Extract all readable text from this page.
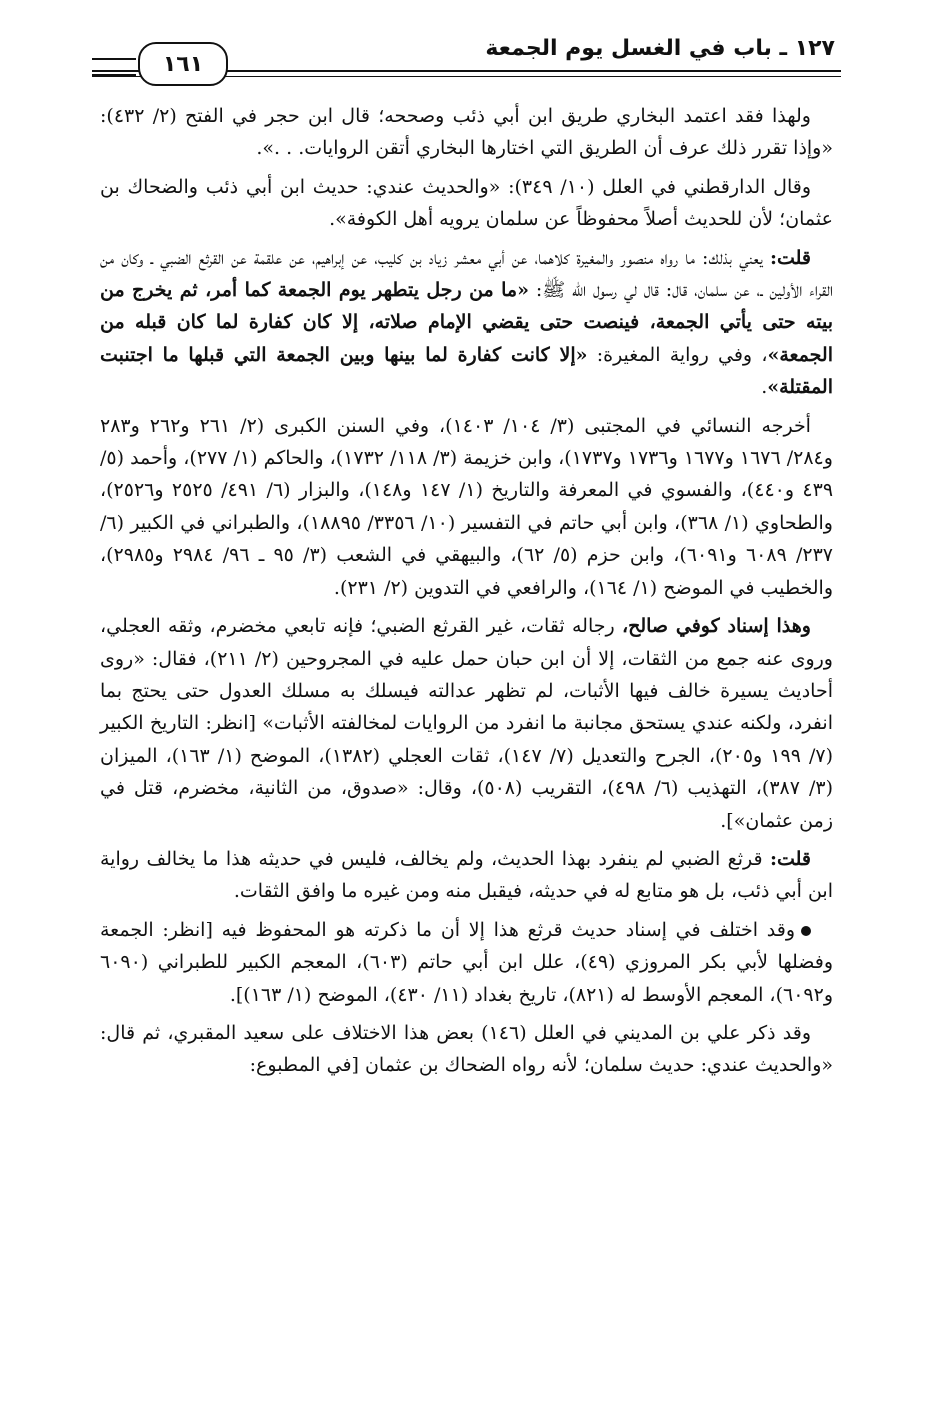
١٢٧ ـ باب في الغسل يوم الجمعة
١٦١

ولهذا فقد اعتمد البخاري طريق ابن أبي ذئب وصححه؛ قال ابن حجر في الفتح (٢/ ٤٣٢): «وإذا تقرر ذلك عرف أن الطريق التي اختارها البخاري أتقن الروايات. . .».

وقال الدارقطني في العلل (١٠/ ٣٤٩): «والحديث عندي: حديث ابن أبي ذئب والضحاك بن عثمان؛ لأن للحديث أصلاً محفوظاً عن سلمان يرويه أهل الكوفة».

قلت: يعني بذلك: ما رواه منصور والمغيرة كلاهما، عن أبي معشر زياد بن كليب، عن إبراهيم، عن علقمة عن القرثع الضبي ـ وكان من القراء الأولين ـ، عن سلمان، قال: قال لي رسول الله ﷺ: «ما من رجل يتطهر يوم الجمعة كما أمر، ثم يخرج من بيته حتى يأتي الجمعة، فينصت حتى يقضي الإمام صلاته، إلا كان كفارة لما كان قبله من الجمعة»، وفي رواية المغيرة: «إلا كانت كفارة لما بينها وبين الجمعة التي قبلها ما اجتنبت المقتلة».

أخرجه النسائي في المجتبى (٣/ ١٠٤/ ١٤٠٣)، وفي السنن الكبرى (٢/ ٢٦١ و٢٦٢ و٢٨٣ و٢٨٤/ ١٦٧٦ و١٦٧٧ و١٧٣٦ و١٧٣٧)، وابن خزيمة (٣/ ١١٨/ ١٧٣٢)، والحاكم (١/ ٢٧٧)، وأحمد (٥/ ٤٣٩ و٤٤٠)، والفسوي في المعرفة والتاريخ (١/ ١٤٧ و١٤٨)، والبزار (٦/ ٤٩١/ ٢٥٢٥ و٢٥٢٦)، والطحاوي (١/ ٣٦٨)، وابن أبي حاتم في التفسير (١٠/ ٣٣٥٦/ ١٨٨٩٥)، والطبراني في الكبير (٦/ ٢٣٧/ ٦٠٨٩ و٦٠٩١)، وابن حزم (٥/ ٦٢)، والبيهقي في الشعب (٣/ ٩٥ ـ ٩٦/ ٢٩٨٤ و٢٩٨٥)، والخطيب في الموضح (١/ ١٦٤)، والرافعي في التدوين (٢/ ٢٣١).

وهذا إسناد كوفي صالح، رجاله ثقات، غير القرثع الضبي؛ فإنه تابعي مخضرم، وثقه العجلي، وروى عنه جمع من الثقات، إلا أن ابن حبان حمل عليه في المجروحين (٢/ ٢١١)، فقال: «روى أحاديث يسيرة خالف فيها الأثبات، لم تظهر عدالته فيسلك به مسلك العدول حتى يحتج بما انفرد، ولكنه عندي يستحق مجانبة ما انفرد من الروايات لمخالفته الأثبات» [انظر: التاريخ الكبير (٧/ ١٩٩ و٢٠٥)، الجرح والتعديل (٧/ ١٤٧)، ثقات العجلي (١٣٨٢)، الموضح (١/ ١٦٣)، الميزان (٣/ ٣٨٧)، التهذيب (٦/ ٤٩٨)، التقريب (٥٠٨)، وقال: «صدوق، من الثانية، مخضرم، قتل في زمن عثمان»].

قلت: قرثع الضبي لم ينفرد بهذا الحديث، ولم يخالف، فليس في حديثه هذا ما يخالف رواية ابن أبي ذئب، بل هو متابع له في حديثه، فيقبل منه ومن غيره ما وافق الثقات.

وقد اختلف في إسناد حديث قرثع هذا إلا أن ما ذكرته هو المحفوظ فيه [انظر: الجمعة وفضلها لأبي بكر المروزي (٤٩)، علل ابن أبي حاتم (٦٠٣)، المعجم الكبير للطبراني (٦٠٩٠ و٦٠٩٢)، المعجم الأوسط له (٨٢١)، تاريخ بغداد (١١/ ٤٣٠)، الموضح (١/ ١٦٣)].

وقد ذكر علي بن المديني في العلل (١٤٦) بعض هذا الاختلاف على سعيد المقبري، ثم قال: «والحديث عندي: حديث سلمان؛ لأنه رواه الضحاك بن عثمان [في المطبوع:
